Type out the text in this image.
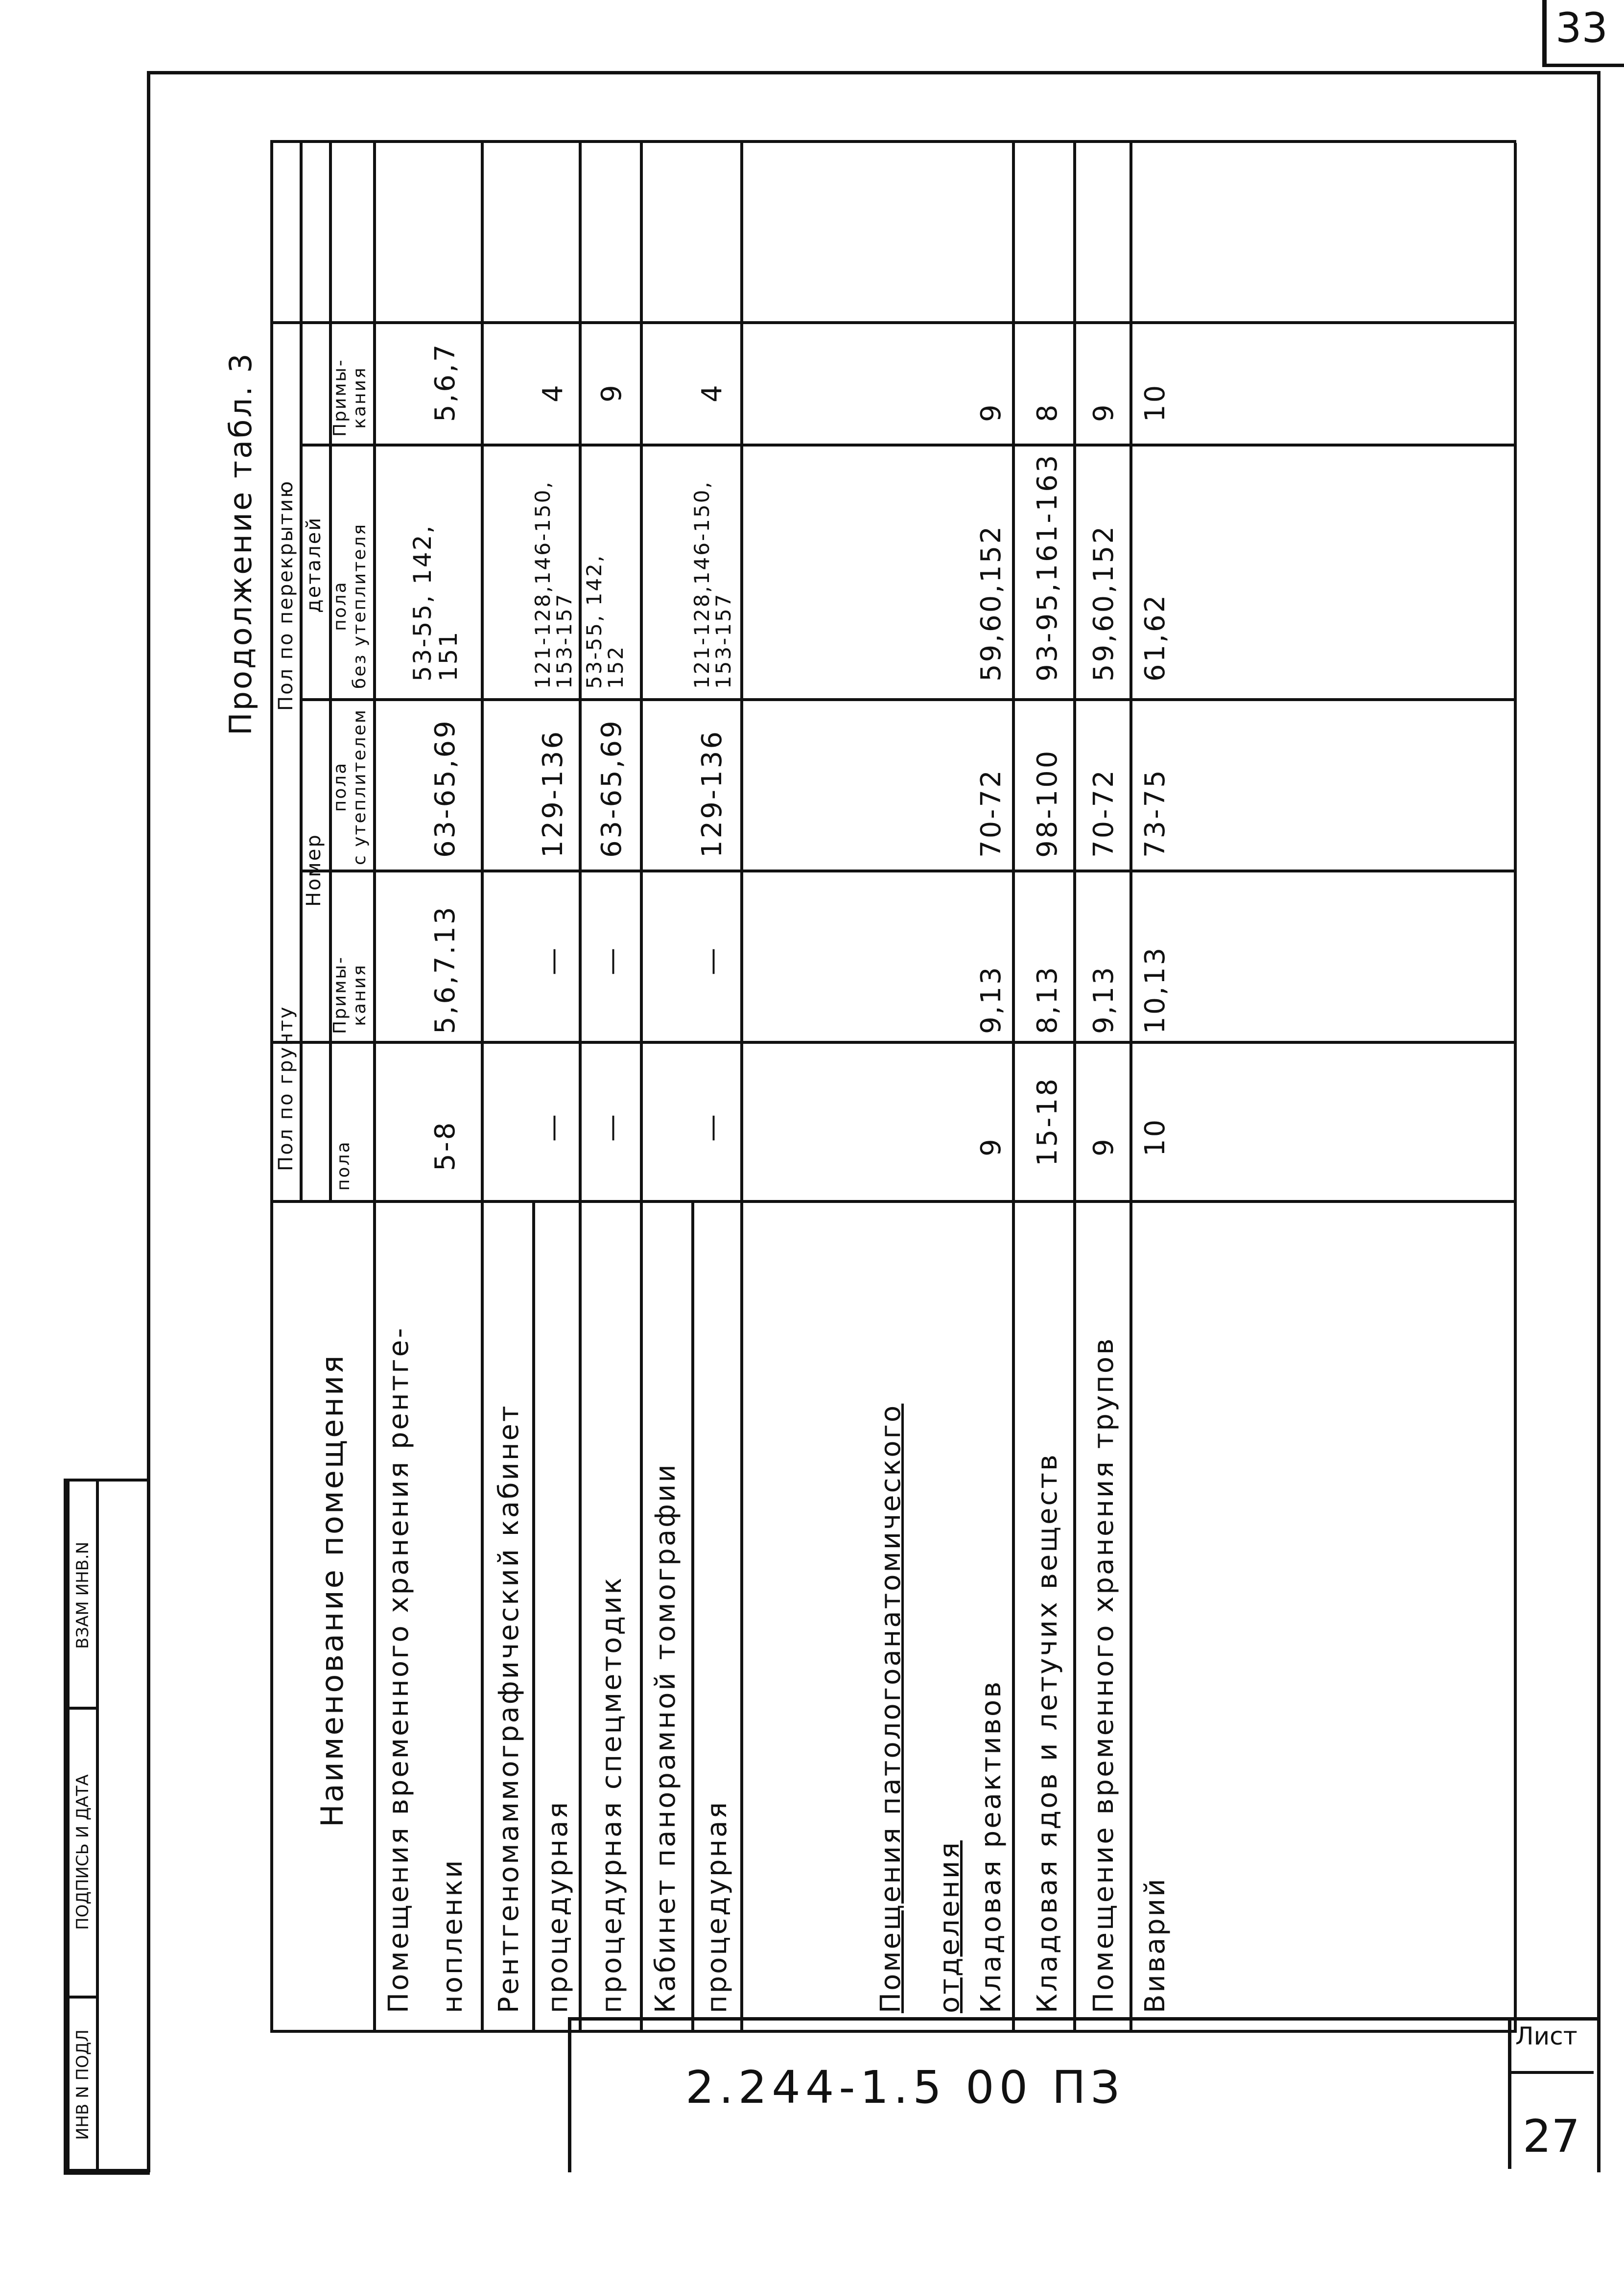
33
ИНВ N ПОДЛ
ПОДПИСЬ И ДАТА
ВЗАМ ИНВ.N
Продолжение табл. 3
Наименование помещения
Пол по грунту
Пол по перекрытию
Номер
деталей
пола
Примы-
кания
пола
с утеплителем
пола
без утеплителя
Примы-
кания
Помещения временного хранения рентге- нопленки
5-8
5,6,7.13
63-65,69
53-55, 142,
151
5,6,7
Рентгеномаммографический кабинет процедурная
—
—
129-136
121-128,146-150,
153-157
4
процедурная спецметодик
—
—
63-65,69
53-55, 142,
152
9
Кабинет панорамной томографии процедурная
—
—
129-136
121-128,146-150,
153-157
4
Помещения патологоанатомического отделения Кладовая реактивов
9
9,13
70-72
59,60,152
9
Кладовая ядов и летучих веществ
15-18
8,13
98-100
93-95,161-163
8
Помещение временного хранения трупов
9
9,13
70-72
59,60,152
9
Виварий
10
10,13
73-75
61,62
10
2.244-1.5 00 ПЗ
Лист
27
